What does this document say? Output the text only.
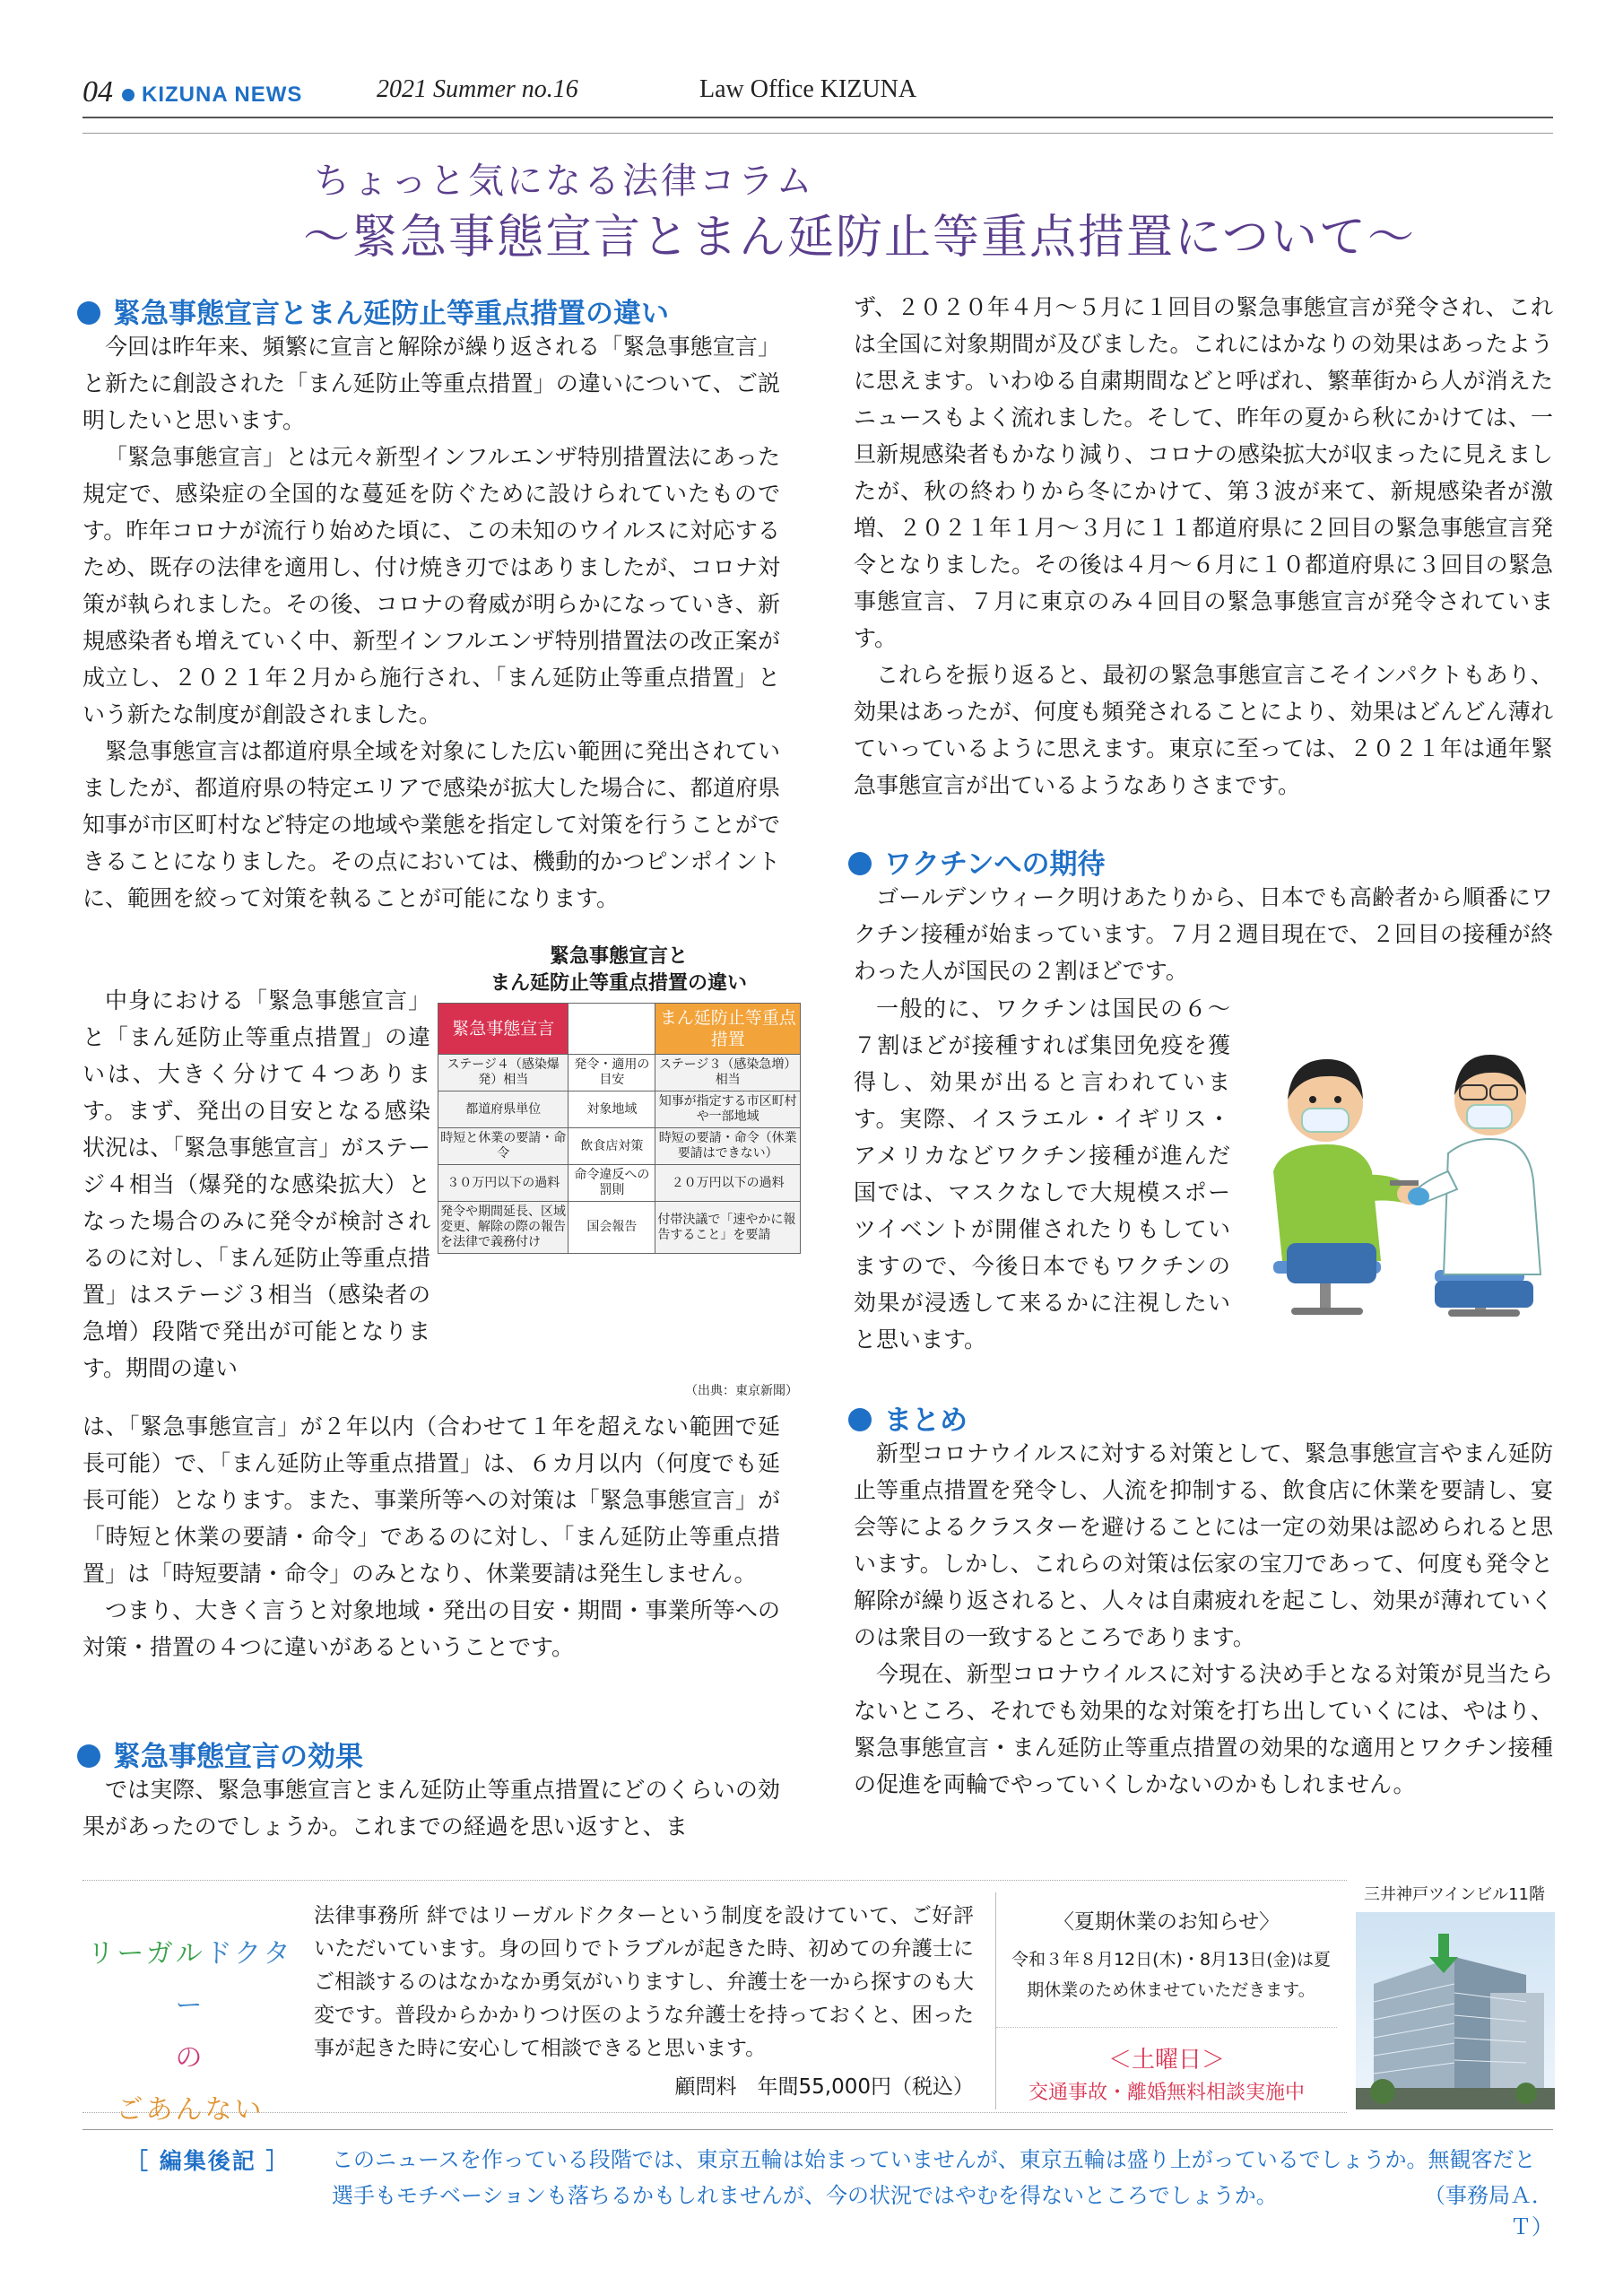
04 KIZUNA NEWS	2021 Summer no.16	Law Office KIZUNA
ちょっと気になる法律コラム
〜緊急事態宣言とまん延防止等重点措置について〜
緊急事態宣言とまん延防止等重点措置の違い

今回は昨年来、頻繁に宣言と解除が繰り返される「緊急事態宣言」と新たに創設された「まん延防止等重点措置」の違いについて、ご説明したいと思います。

「緊急事態宣言」とは元々新型インフルエンザ特別措置法にあった規定で、感染症の全国的な蔓延を防ぐために設けられていたものです。昨年コロナが流行り始めた頃に、この未知のウイルスに対応するため、既存の法律を適用し、付け焼き刃ではありましたが、コロナ対策が執られました。その後、コロナの脅威が明らかになっていき、新規感染者も増えていく中、新型インフルエンザ特別措置法の改正案が成立し、２０２１年２月から施行され、「まん延防止等重点措置」という新たな制度が創設されました。

緊急事態宣言は都道府県全域を対象にした広い範囲に発出されていましたが、都道府県の特定エリアで感染が拡大した場合に、都道府県知事が市区町村など特定の地域や業態を指定して対策を行うことができることになりました。その点においては、機動的かつピンポイントに、範囲を絞って対策を執ることが可能になります。

中身における「緊急事態宣言」と「まん延防止等重点措置」の違いは、大きく分けて４つあります。まず、発出の目安となる感染状況は、「緊急事態宣言」がステージ４相当（爆発的な感染拡大）となった場合のみに発令が検討されるのに対し、「まん延防止等重点措置」はステージ３相当（感染者の急増）段階で発出が可能となります。期間の違い

緊急事態宣言と
まん延防止等重点措置の違い
緊急事態宣言		まん延防止等重点措置
ステージ４（感染爆発）相当	発令・適用の目安	ステージ３（感染急増）相当
都道府県単位	対象地域	知事が指定する市区町村や一部地域
時短と休業の要請・命令	飲食店対策	時短の要請・命令（休業要請はできない）
３０万円以下の過料	命令違反への罰則	２０万円以下の過料
発令や期間延長、区域変更、解除の際の報告を法律で義務付け	国会報告	付帯決議で「速やかに報告すること」を要請
（出典：東京新聞）

は、「緊急事態宣言」が２年以内（合わせて１年を超えない範囲で延長可能）で、「まん延防止等重点措置」は、６カ月以内（何度でも延長可能）となります。また、事業所等への対策は「緊急事態宣言」が「時短と休業の要請・命令」であるのに対し、「まん延防止等重点措置」は「時短要請・命令」のみとなり、休業要請は発生しません。

つまり、大きく言うと対象地域・発出の目安・期間・事業所等への対策・措置の４つに違いがあるということです。

緊急事態宣言の効果

では実際、緊急事態宣言とまん延防止等重点措置にどのくらいの効果があったのでしょうか。これまでの経過を思い返すと、ま

ず、２０２０年４月〜５月に１回目の緊急事態宣言が発令され、これは全国に対象期間が及びました。これにはかなりの効果はあったように思えます。いわゆる自粛期間などと呼ばれ、繁華街から人が消えたニュースもよく流れました。そして、昨年の夏から秋にかけては、一旦新規感染者もかなり減り、コロナの感染拡大が収まったに見えましたが、秋の終わりから冬にかけて、第３波が来て、新規感染者が激増、２０２１年１月〜３月に１１都道府県に２回目の緊急事態宣言発令となりました。その後は４月〜６月に１０都道府県に３回目の緊急事態宣言、７月に東京のみ４回目の緊急事態宣言が発令されています。

これらを振り返ると、最初の緊急事態宣言こそインパクトもあり、効果はあったが、何度も頻発されることにより、効果はどんどん薄れていっているように思えます。東京に至っては、２０２１年は通年緊急事態宣言が出ているようなありさまです。

ワクチンへの期待

ゴールデンウィーク明けあたりから、日本でも高齢者から順番にワクチン接種が始まっています。７月２週目現在で、２回目の接種が終わった人が国民の２割ほどです。

一般的に、ワクチンは国民の６〜７割ほどが接種すれば集団免疫を獲得し、効果が出ると言われています。実際、イスラエル・イギリス・アメリカなどワクチン接種が進んだ国では、マスクなしで大規模スポーツイベントが開催されたりもしていますので、今後日本でもワクチンの効果が浸透して来るかに注視したいと思います。

まとめ

新型コロナウイルスに対する対策として、緊急事態宣言やまん延防止等重点措置を発令し、人流を抑制する、飲食店に休業を要請し、宴会等によるクラスターを避けることには一定の効果は認められると思います。しかし、これらの対策は伝家の宝刀であって、何度も発令と解除が繰り返されると、人々は自粛疲れを起こし、効果が薄れていくのは衆目の一致するところであります。

今現在、新型コロナウイルスに対する決め手となる対策が見当たらないところ、それでも効果的な対策を打ち出していくには、やはり、緊急事態宣言・まん延防止等重点措置の効果的な適用とワクチン接種の促進を両輪でやっていくしかないのかもしれません。

リーガルドクター
の
ごあんない
法律事務所 絆ではリーガルドクターという制度を設けていて、ご好評いただいています。身の回りでトラブルが起きた時、初めての弁護士にご相談するのはなかなか勇気がいりますし、弁護士を一から探すのも大変です。普段からかかりつけ医のような弁護士を持っておくと、困った事が起きた時に安心して相談できると思います。
顧問料　年間55,000円（税込）
〈夏期休業のお知らせ〉
令和３年８月12日(木)・8月13日(金)は夏期休業のため休ませていただきます。
＜土曜日＞
交通事故・離婚無料相談実施中
三井神戸ツインビル11階
［ 編集後記 ］ このニュースを作っている段階では、東京五輪は始まっていませんが、東京五輪は盛り上がっているでしょうか。無観客だと選手もモチベーションも落ちるかもしれませんが、今の状況ではやむを得ないところでしょうか。	（事務局Ａ．Ｔ）
